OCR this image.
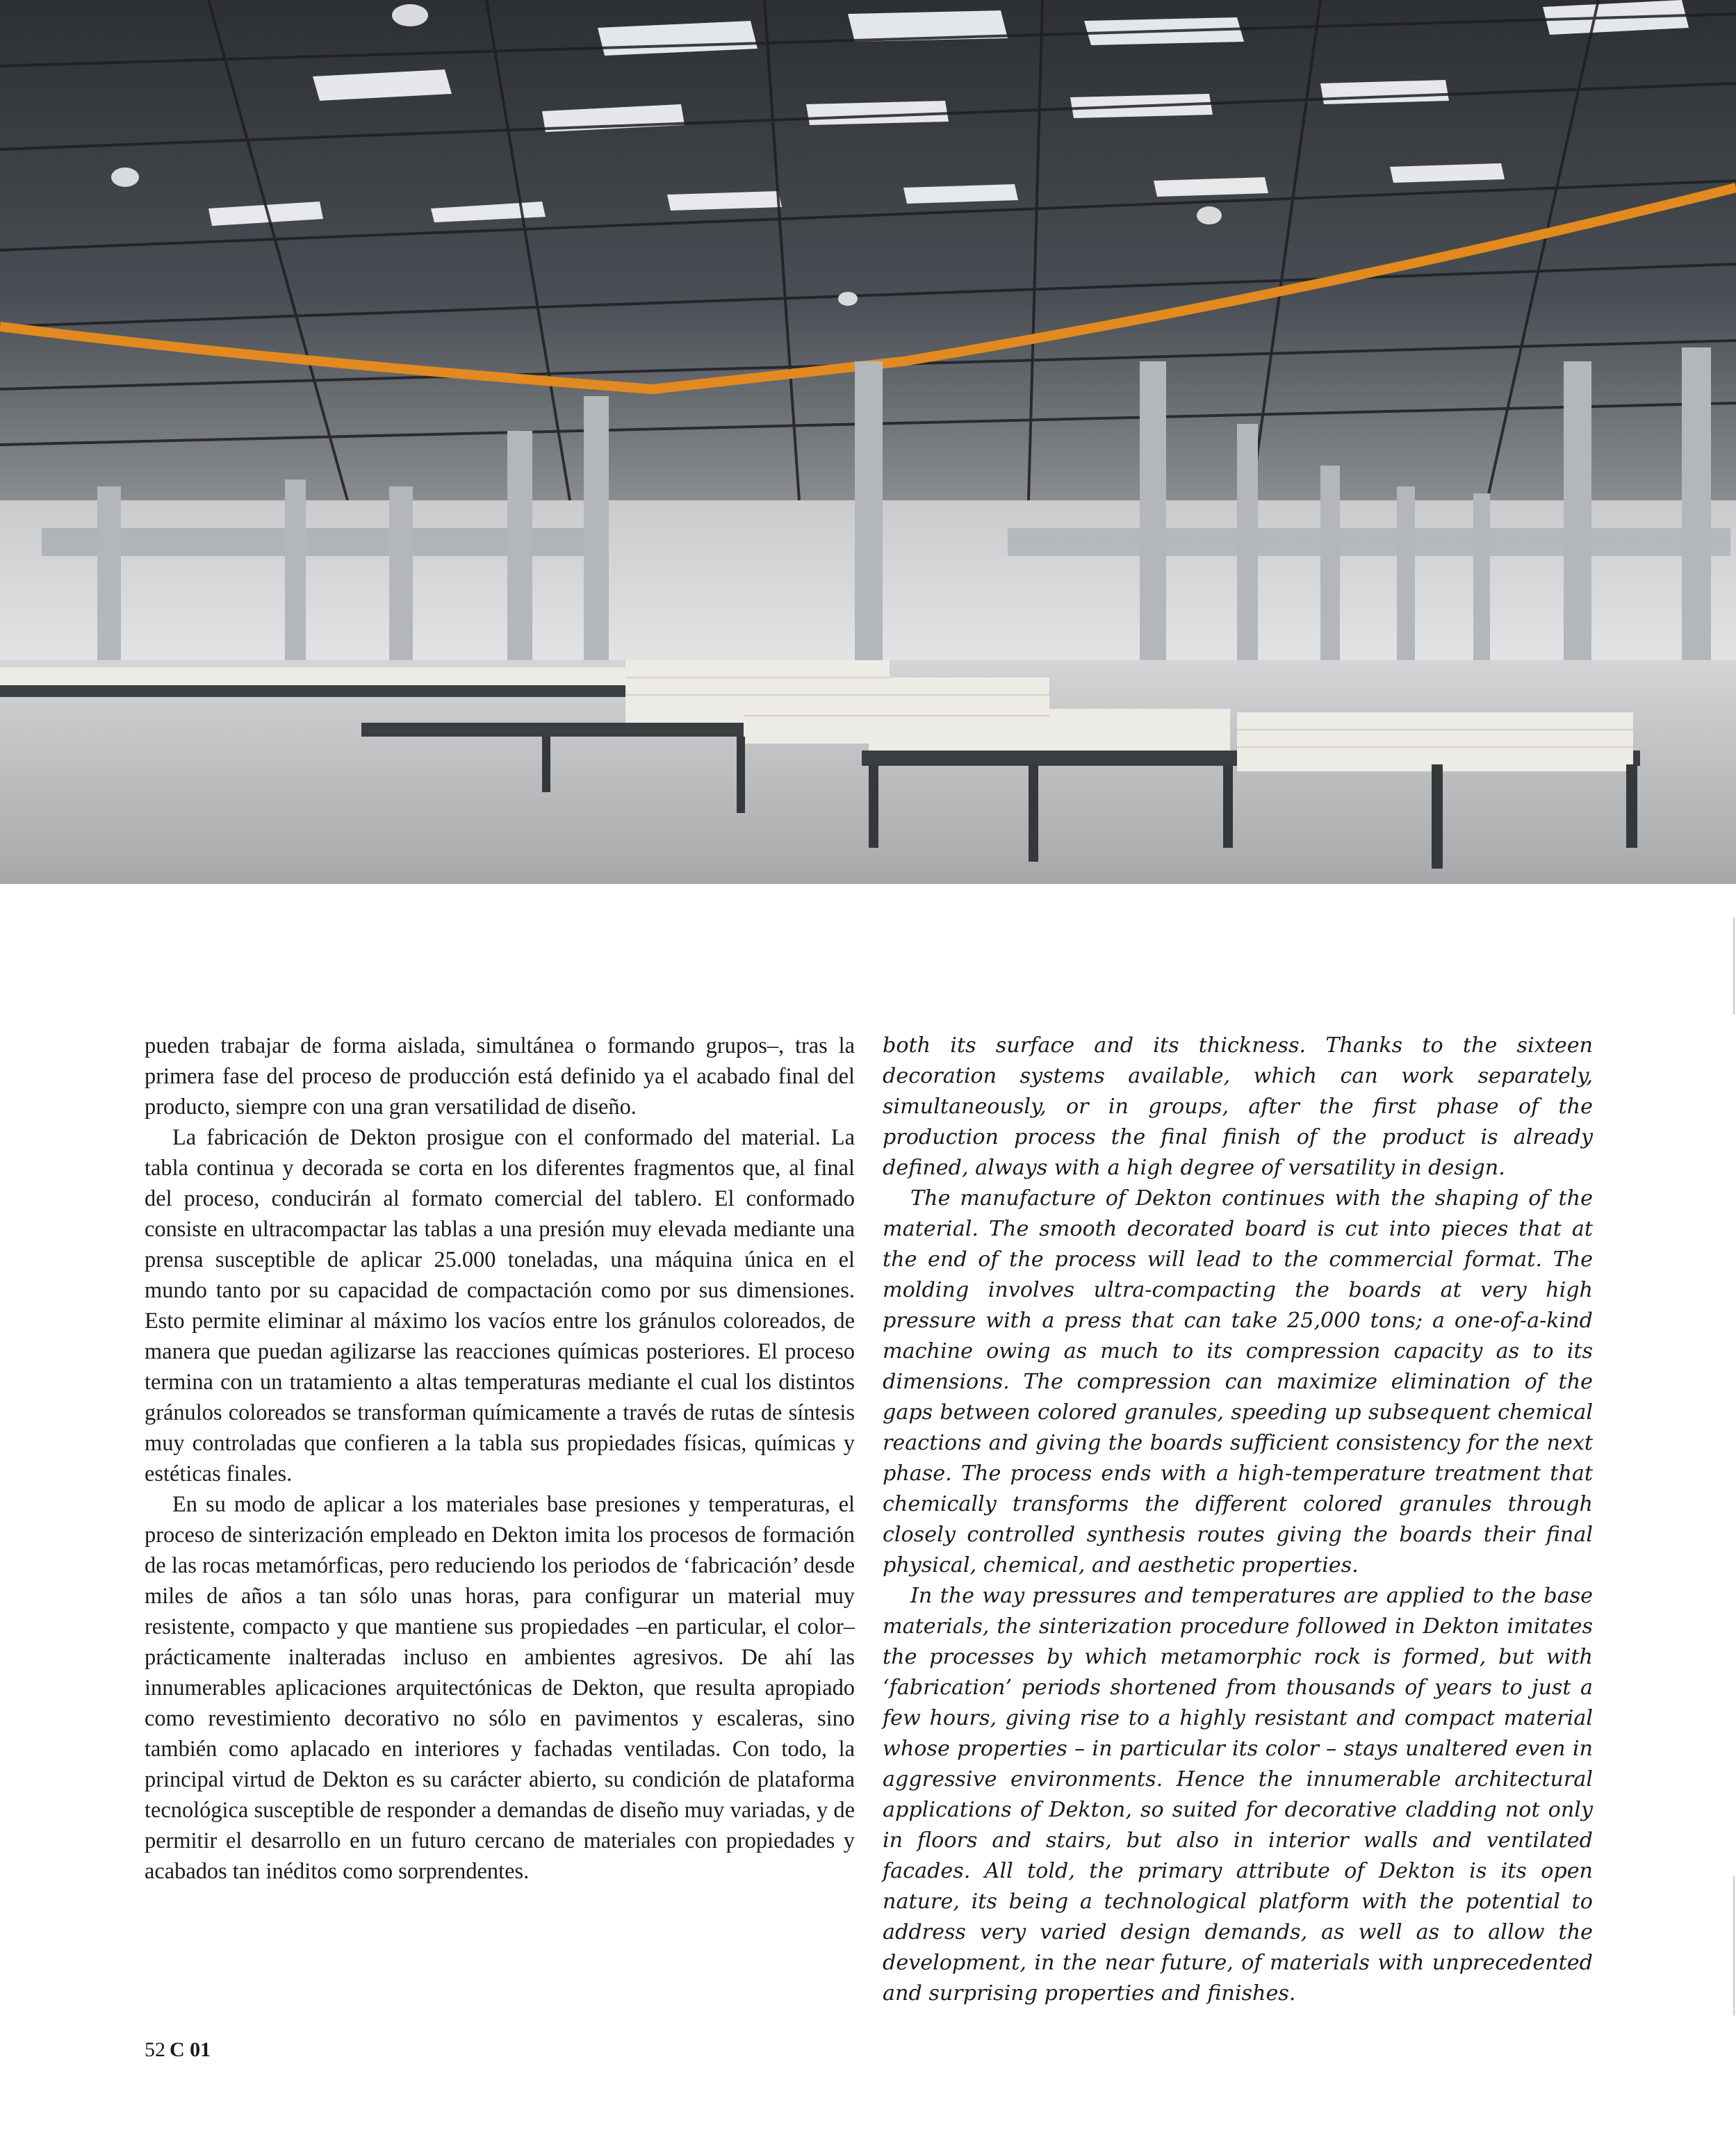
pueden trabajar de forma aislada, simultánea o formando grupos–, tras la primera fase del proceso de producción está definido ya el acabado final del producto, siempre con una gran versatilidad de diseño.

La fabricación de Dekton prosigue con el conformado del material. La tabla continua y decorada se corta en los diferentes fragmentos que, al final del proceso, conducirán al formato comercial del tablero. El conformado consiste en ultracompactar las tablas a una presión muy elevada mediante una prensa susceptible de aplicar 25.000 toneladas, una máquina única en el mundo tanto por su capacidad de compactación como por sus dimensiones. Esto permite eliminar al máximo los vacíos entre los gránulos coloreados, de manera que puedan agilizarse las reacciones químicas posteriores. El proceso termina con un tratamiento a altas temperaturas mediante el cual los distintos gránulos coloreados se transforman químicamente a través de rutas de síntesis muy controladas que confieren a la tabla sus propiedades físicas, químicas y estéticas finales.

En su modo de aplicar a los materiales base presiones y temperaturas, el proceso de sinterización empleado en Dekton imita los procesos de formación de las rocas metamórficas, pero reduciendo los periodos de ‘fabricación’ desde miles de años a tan sólo unas horas, para configurar un material muy resistente, compacto y que mantiene sus propiedades –en particular, el color– prácticamente inalteradas incluso en ambientes agresivos. De ahí las innumerables aplicaciones arquitectónicas de Dekton, que resulta apropiado como revestimiento decorativo no sólo en pavimentos y escaleras, sino también como aplacado en interiores y fachadas ventiladas. Con todo, la principal virtud de Dekton es su carácter abierto, su condición de plataforma tecnológica susceptible de responder a demandas de diseño muy variadas, y de permitir el desarrollo en un futuro cercano de materiales con propiedades y acabados tan inéditos como sorprendentes.

both its surface and its thickness. Thanks to the sixteen decoration systems available, which can work separately, simultaneously, or in groups, after the first phase of the production process the final finish of the product is already defined, always with a high degree of versatility in design.

The manufacture of Dekton continues with the shaping of the material. The smooth decorated board is cut into pieces that at the end of the process will lead to the commercial format. The molding involves ultra-compacting the boards at very high pressure with a press that can take 25,000 tons; a one-of-a-kind machine owing as much to its compression capacity as to its dimensions. The compression can maximize elimination of the gaps between colored granules, speeding up subsequent chemical reactions and giving the boards sufficient consistency for the next phase. The process ends with a high-temperature treatment that chemically transforms the different colored granules through closely controlled synthesis routes giving the boards their final physical, chemical, and aesthetic properties.

In the way pressures and temperatures are applied to the base materials, the sinterization procedure followed in Dekton imitates the processes by which metamorphic rock is formed, but with ‘fabrication’ periods shortened from thousands of years to just a few hours, giving rise to a highly resistant and compact material whose properties – in particular its color – stays unaltered even in aggressive environments. Hence the innumerable architectural applications of Dekton, so suited for decorative cladding not only in floors and stairs, but also in interior walls and ventilated facades. All told, the primary attribute of Dekton is its open nature, its being a technological platform with the potential to address very varied design demands, as well as to allow the development, in the near future, of materials with unprecedented and surprising properties and finishes.

52 C 01
